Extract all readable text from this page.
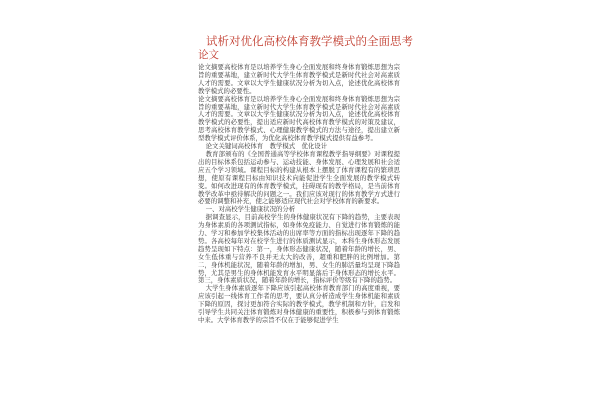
试析对优化高校体育教学模式的全面思考
论文

论文摘要高校体育是以培养学生身心全面发展和终身体育锻炼思想为宗旨的重要基地，建立新时代大学生体育教学模式是新时代社会对高素质人才的需要。文章以大学生健康状况分析为切入点，论述优化高校体育教学模式的必要性。

论文摘要高校体育是以培养学生身心全面发展和终身体育锻炼思想为宗旨的重要基地，建立新时代大学生体育教学模式是新时代社会对高素质人才的需要。文章以大学生健康状况分析为切入点，论述优化高校体育教学模式的必要性，提出适应新时代高校体育教学模式的对策及建议，思考高校体育教学模式、心理健康教学模式的方法与途径，提出建立新型教学模式评价体系，为优化高校体育教学模式提供有益参考。

论文关键词高校体育　教学模式　优化设计

教育部颁布的《全国普通高等学校体育课程教学指导纲要》对课程提出的目标体系包括运动参与、运动技能、身体发展、心理发展和社会适应五个学习领域。课程目标的构建从根本上摆脱了体育课程有的繁琐思想，使原有课程目标由知识技术向能促进学生全面发展的教学模式转变。如何改进现有的体育教学模式，挂碍现有的教学格局，是当前体育教学改革中亟待解决的问题之一。我们应该对现行的体育教学方式进行必要的调整和补充，使之能够适应现代社会对学校体育的新要求。

一、对高校学生健康状况的分析

据调查显示，目前高校学生的身体健康状况有下降的趋势，主要表现为身体素质的各项测试指标，如身体免疫能力、自觉进行体育锻炼的能力、学习和参加学校集体活动的出席率等方面的指标出现逐年下降的趋势。各高校每年对在校学生进行的体质测试显示，本科生身体形态发展趋势呈现如下特点：第一，身体形态健康状况，随着年龄的增长，男、女生低体重与营养不良并无太大的改善，超重和肥胖的比例增加。第二，身体机能状况，随着年龄的增加，男、女生的肺活量均呈现下降趋势，尤其是男生的身体机能发育水平明显落后于身体形态的增长水平。第三，身体素质状况，随着年龄的增长，指标评价等级有下降的趋势。

大学生身体素质逐年下降应该引起高校体育教育部门的高度重视，要应该引起一线体育工作者的思考，要认真分析造成学生身体机能和素质下降的原因，探讨更加符合实际的教学模式，教学机制和方针，启发和引导学生共同关注体育锻炼对身体健康的重要性，积极参与到体育锻炼中来。大学体育教学的宗旨不仅在于能够促进学生
